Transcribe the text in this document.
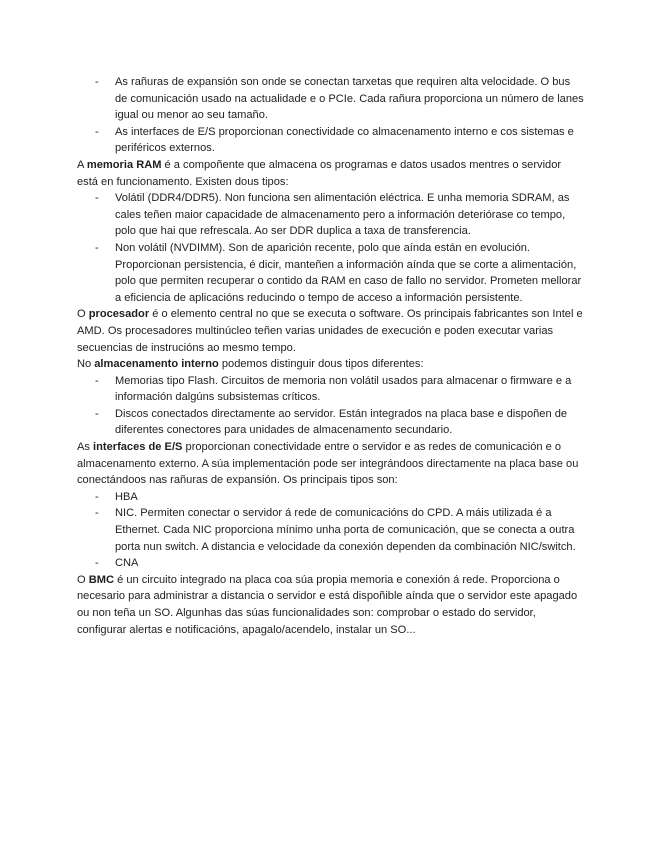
- As rañuras de expansión son onde se conectan tarxetas que requiren alta velocidade. O bus de comunicación usado na actualidade e o PCIe. Cada rañura proporciona un número de lanes igual ou menor ao seu tamaño.
- As interfaces de E/S proporcionan conectividade co almacenamento interno e cos sistemas e periféricos externos.

A memoria RAM é a compoñente que almacena os programas e datos usados mentres o servidor está en funcionamento. Existen dous tipos:

- Volátil (DDR4/DDR5). Non funciona sen alimentación eléctrica. E unha memoria SDRAM, as cales teñen maior capacidade de almacenamento pero a información deteriórase co tempo, polo que hai que refrescala. Ao ser DDR duplica a taxa de transferencia.
- Non volátil (NVDIMM). Son de aparición recente, polo que aínda están en evolución. Proporcionan persistencia, é dicir, manteñen a información aínda que se corte a alimentación, polo que permiten recuperar o contido da RAM en caso de fallo no servidor. Prometen mellorar a eficiencia de aplicacións reducindo o tempo de acceso a información persistente.

O procesador é o elemento central no que se executa o software. Os principais fabricantes son Intel e AMD. Os procesadores multinúcleo teñen varias unidades de execución e poden executar varias secuencias de instrucións ao mesmo tempo.

No almacenamento interno podemos distinguir dous tipos diferentes:

- Memorias tipo Flash. Circuitos de memoria non volátil usados para almacenar o firmware e a información dalgúns subsistemas críticos.
- Discos conectados directamente ao servidor. Están integrados na placa base e dispoñen de diferentes conectores para unidades de almacenamento secundario.

As interfaces de E/S proporcionan conectividade entre o servidor e as redes de comunicación e o almacenamento externo. A súa implementación pode ser integrándoos directamente na placa base ou conectándoos nas rañuras de expansión. Os principais tipos son:

- HBA
- NIC. Permiten conectar o servidor á rede de comunicacións do CPD. A máis utilizada é a Ethernet. Cada NIC proporciona mínimo unha porta de comunicación, que se conecta a outra porta nun switch. A distancia e velocidade da conexión dependen da combinación NIC/switch.
- CNA

O BMC é un circuito integrado na placa coa súa propia memoria e conexión á rede. Proporciona o necesario para administrar a distancia o servidor e está dispoñible aínda que o servidor este apagado ou non teña un SO. Algunhas das súas funcionalidades son: comprobar o estado do servidor, configurar alertas e notificacións, apagalo/acendelo, instalar un SO...
